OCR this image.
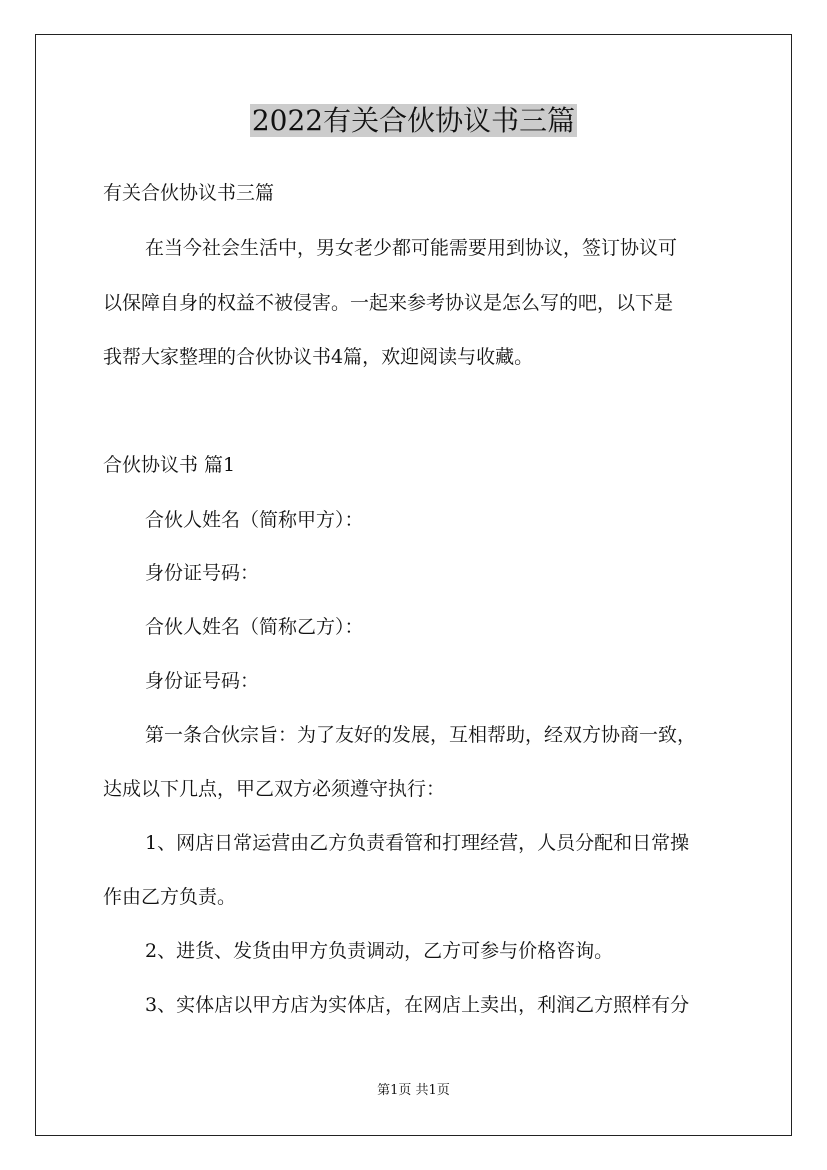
2022有关合伙协议书三篇
有关合伙协议书三篇
在当今社会生活中，男女老少都可能需要用到协议，签订协议可
以保障自身的权益不被侵害。一起来参考协议是怎么写的吧，以下是
我帮大家整理的合伙协议书4篇，欢迎阅读与收藏。
合伙协议书 篇1
合伙人姓名（简称甲方）：
身份证号码：
合伙人姓名（简称乙方）：
身份证号码：
第一条合伙宗旨：为了友好的发展，互相帮助，经双方协商一致，
达成以下几点，甲乙双方必须遵守执行：
1、网店日常运营由乙方负责看管和打理经营，人员分配和日常操
作由乙方负责。
2、进货、发货由甲方负责调动，乙方可参与价格咨询。
3、实体店以甲方店为实体店，在网店上卖出，利润乙方照样有分
第1页 共1页
